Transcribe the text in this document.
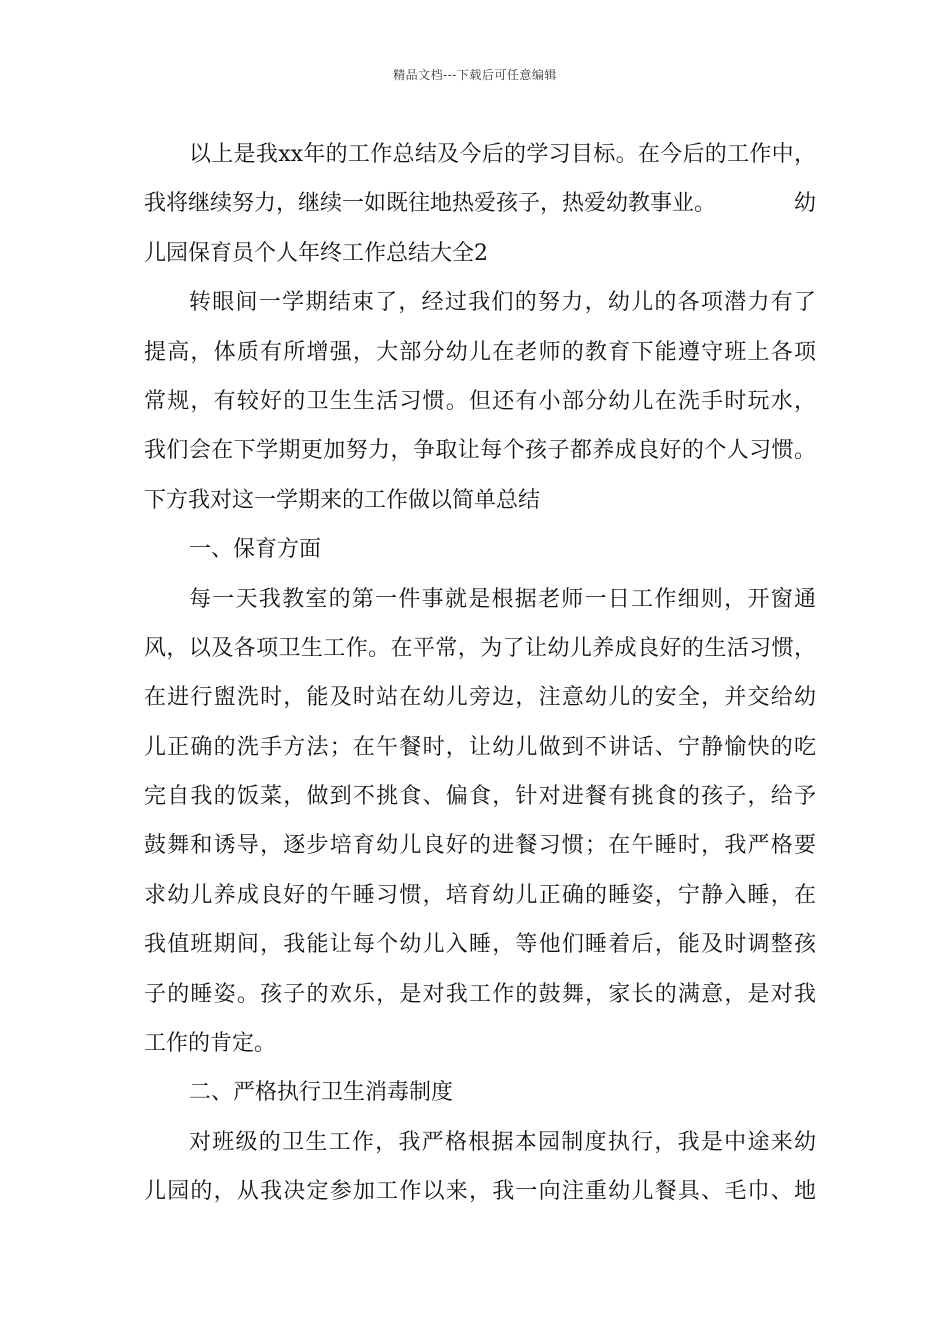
精品文档---下载后可任意编辑
以上是我xx年的工作总结及今后的学习目标。在今后的工作中，
我将继续努力，继续一如既往地热爱孩子，热爱幼教事业。	幼
儿园保育员个人年终工作总结大全2
转眼间一学期结束了，经过我们的努力，幼儿的各项潜力有了
提高，体质有所增强，大部分幼儿在老师的教育下能遵守班上各项
常规，有较好的卫生生活习惯。但还有小部分幼儿在洗手时玩水，
我们会在下学期更加努力，争取让每个孩子都养成良好的个人习惯。
下方我对这一学期来的工作做以简单总结
一、保育方面
每一天我教室的第一件事就是根据老师一日工作细则，开窗通
风，以及各项卫生工作。在平常，为了让幼儿养成良好的生活习惯，
在进行盥洗时，能及时站在幼儿旁边，注意幼儿的安全，并交给幼
儿正确的洗手方法；在午餐时，让幼儿做到不讲话、宁静愉快的吃
完自我的饭菜，做到不挑食、偏食，针对进餐有挑食的孩子，给予
鼓舞和诱导，逐步培育幼儿良好的进餐习惯；在午睡时，我严格要
求幼儿养成良好的午睡习惯，培育幼儿正确的睡姿，宁静入睡，在
我值班期间，我能让每个幼儿入睡，等他们睡着后，能及时调整孩
子的睡姿。孩子的欢乐，是对我工作的鼓舞，家长的满意，是对我
工作的肯定。
二、严格执行卫生消毒制度
对班级的卫生工作，我严格根据本园制度执行，我是中途来幼
儿园的，从我决定参加工作以来，我一向注重幼儿餐具、毛巾、地
